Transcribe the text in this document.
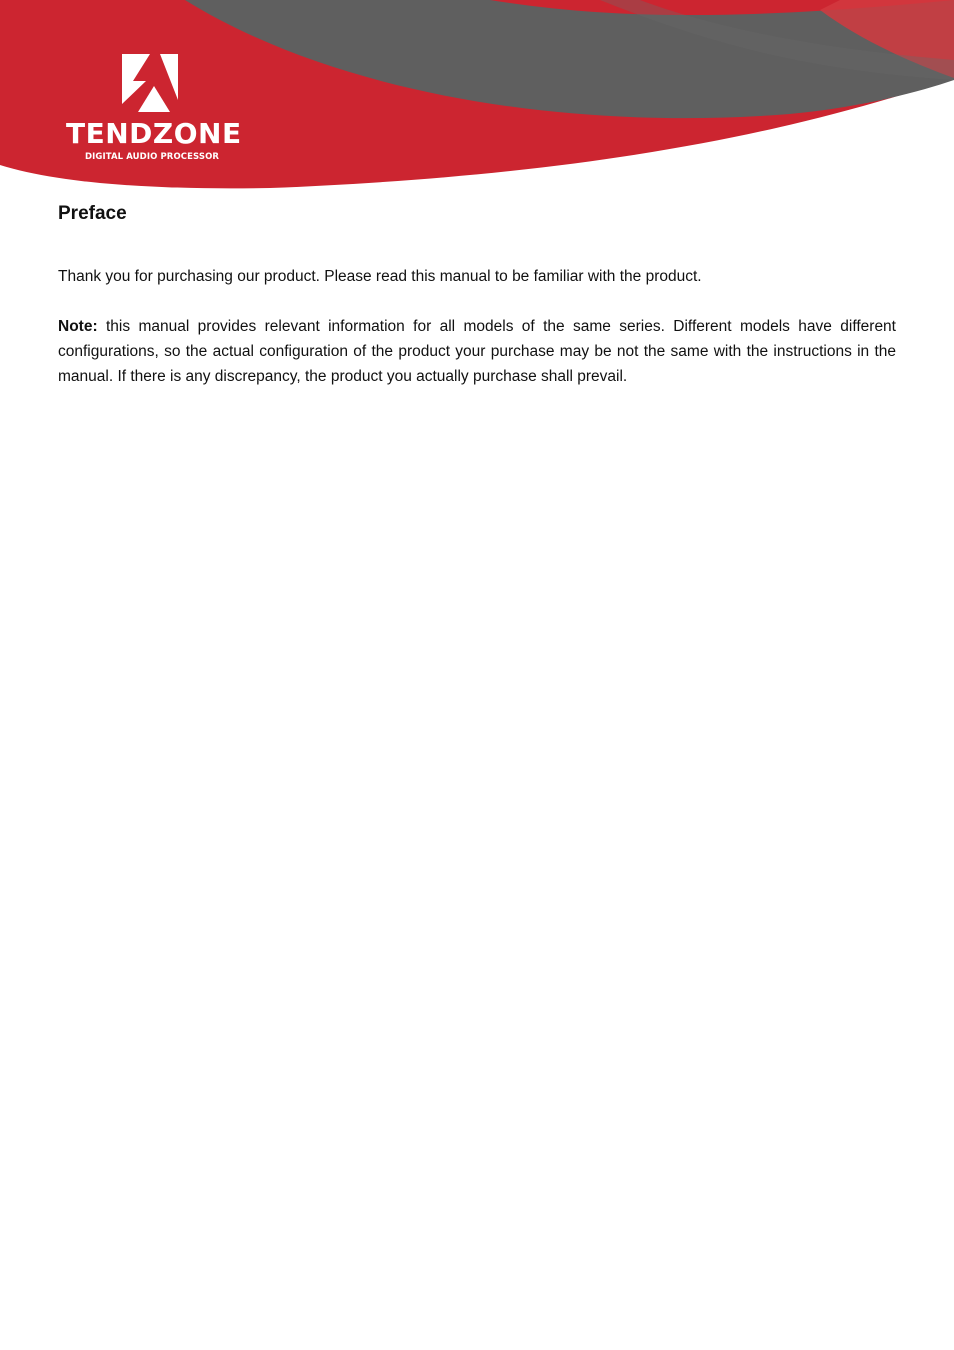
TENDZONE
DIGITAL AUDIO PROCESSOR
Preface

Thank you for purchasing our product. Please read this manual to be familiar with the product.

Note: this manual provides relevant information for all models of the same series. Different models have different configurations, so the actual configuration of the product your purchase may be not the same with the instructions in the manual. If there is any discrepancy, the product you actually purchase shall prevail.
